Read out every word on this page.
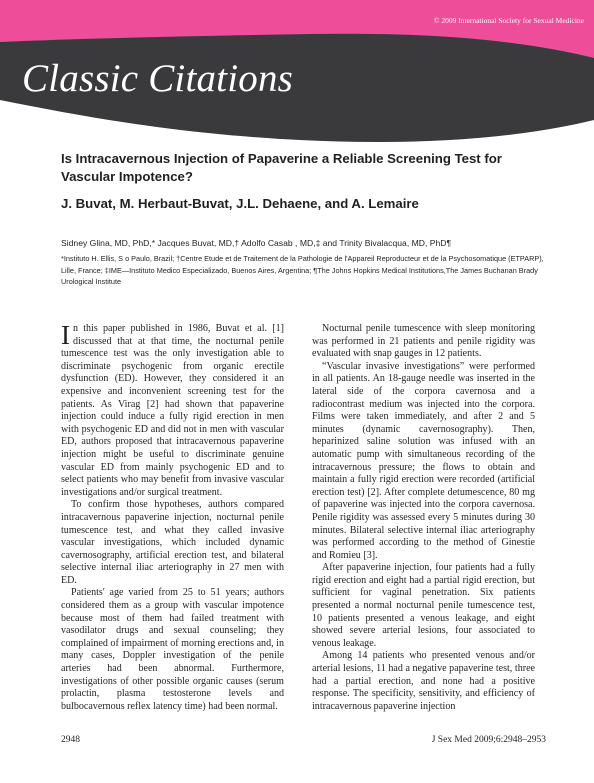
© 2009 International Society for Sexual Medicine
Classic Citations
Is Intracavernous Injection of Papaverine a Reliable Screening Test for Vascular Impotence?
J. Buvat, M. Herbaut-Buvat, J.L. Dehaene, and A. Lemaire
Sidney Glina, MD, PhD,* Jacques Buvat, MD,† Adolfo Casab , MD,‡ and Trinity Bivalacqua, MD, PhD¶
*Instituto H. Ellis, S o Paulo, Brazil; †Centre Etude et de Traitement de la Pathologie de l'Appareil Reproducteur et de la Psychosomatique (ETPARP), Lille, France; ‡IME—Instituto Medico Especializado, Buenos Aires, Argentina; ¶The Johns Hopkins Medical Institutions,The James Buchanan Brady Urological Institute

In this paper published in 1986, Buvat et al. [1] discussed that at that time, the nocturnal penile tumescence test was the only investigation able to discriminate psychogenic from organic erectile dysfunction (ED). However, they considered it an expensive and inconvenient screening test for the patients. As Virag [2] had shown that papaverine injection could induce a fully rigid erection in men with psychogenic ED and did not in men with vascular ED, authors proposed that intracavernous papaverine injection might be useful to discriminate genuine vascular ED from mainly psychogenic ED and to select patients who may benefit from invasive vascular investigations and/or surgical treatment.

To confirm those hypotheses, authors compared intracavernous papaverine injection, nocturnal penile tumescence test, and what they called invasive vascular investigations, which included dynamic cavernosography, artificial erection test, and bilateral selective internal iliac arteriography in 27 men with ED.

Patients' age varied from 25 to 51 years; authors considered them as a group with vascular impotence because most of them had failed treatment with vasodilator drugs and sexual counseling; they complained of impairment of morning erections and, in many cases, Doppler investigation of the penile arteries had been abnormal. Furthermore, investigations of other possible organic causes (serum prolactin, plasma testosterone levels and bulbocavernous reflex latency time) had been normal.

Nocturnal penile tumescence with sleep monitoring was performed in 21 patients and penile rigidity was evaluated with snap gauges in 12 patients.

“Vascular invasive investigations” were performed in all patients. An 18-gauge needle was inserted in the lateral side of the corpora cavernosa and a radiocontrast medium was injected into the corpora. Films were taken immediately, and after 2 and 5 minutes (dynamic cavernosography). Then, heparinized saline solution was infused with an automatic pump with simultaneous recording of the intracavernous pressure; the flows to obtain and maintain a fully rigid erection were recorded (artificial erection test) [2]. After complete detumescence, 80 mg of papaverine was injected into the corpora cavernosa. Penile rigidity was assessed every 5 minutes during 30 minutes. Bilateral selective internal iliac arteriography was performed according to the method of Ginestie and Romieu [3].

After papaverine injection, four patients had a fully rigid erection and eight had a partial rigid erection, but sufficient for vaginal penetration. Six patients presented a normal nocturnal penile tumescence test, 10 patients presented a venous leakage, and eight showed severe arterial lesions, four associated to venous leakage.

Among 14 patients who presented venous and/or arterial lesions, 11 had a negative papaverine test, three had a partial erection, and none had a positive response. The specificity, sensitivity, and efficiency of intracavernous papaverine injection

2948	J Sex Med 2009;6:2948–2953
